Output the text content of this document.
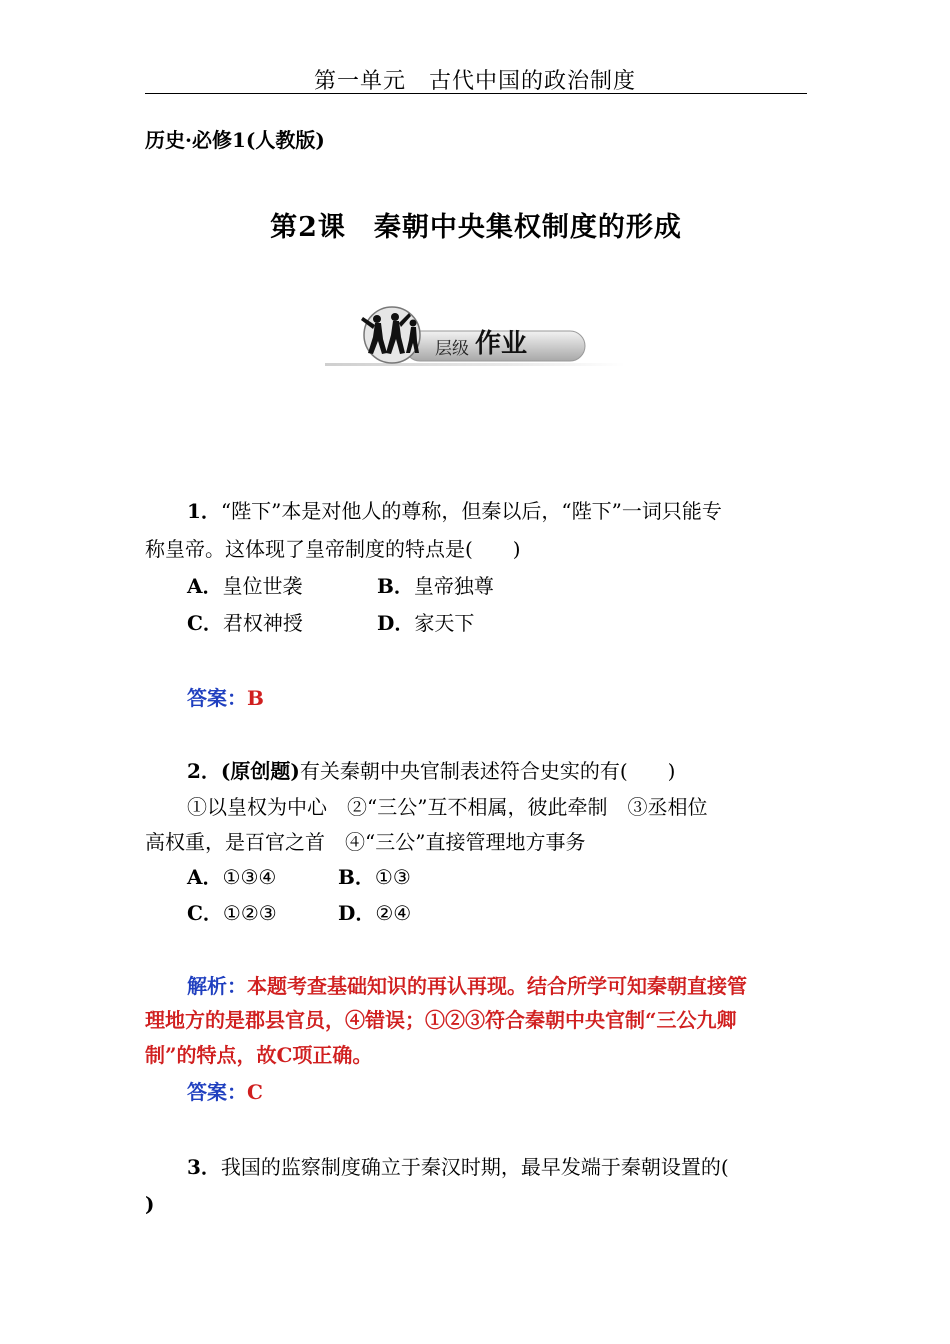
第一单元　古代中国的政治制度
历史·必修1(人教版)
第2课 秦朝中央集权制度的形成
层级 作业
1．“陛下”本是对他人的尊称，但秦以后，“陛下”一词只能专
称皇帝。这体现了皇帝制度的特点是(　　)
A．皇位世袭	B．皇帝独尊
C．君权神授	D．家天下
答案：B
2．(原创题)有关秦朝中央官制表述符合史实的有(　　)
①以皇权为中心　②“三公”互不相属，彼此牵制　③丞相位
高权重，是百官之首　④“三公”直接管理地方事务
A．①③④	B．①③
C．①②③	D．②④
解析：本题考查基础知识的再认再现。结合所学可知秦朝直接管
理地方的是郡县官员，④错误；①②③符合秦朝中央官制“三公九卿
制”的特点，故C项正确。
答案：C
3．我国的监察制度确立于秦汉时期，最早发端于秦朝设置的(
)
